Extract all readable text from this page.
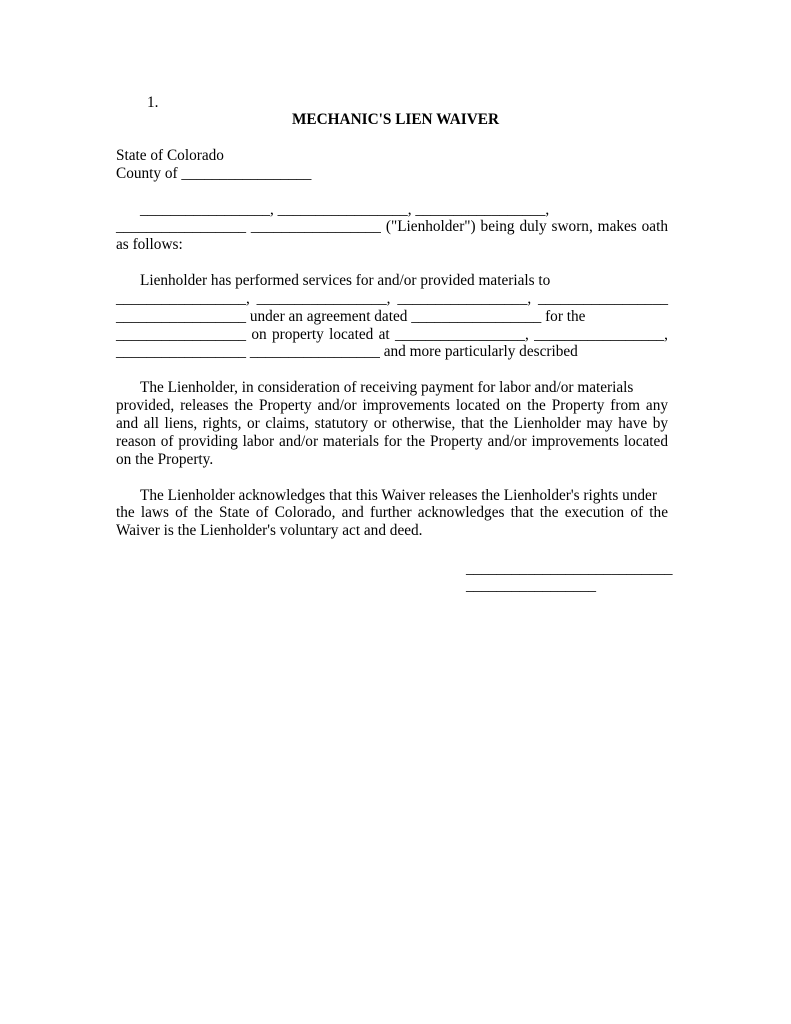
1.
MECHANIC'S LIEN WAIVER
State of Colorado
County of _________________
_________________, _________________, _________________,
_________________ _________________ ("Lienholder") being duly sworn, makes oath
as follows:
Lienholder has performed services for and/or provided materials to
_________________, _________________, _________________, _________________
_________________ under an agreement dated _________________ for the
_________________ on property located at _________________, _________________,
_________________ _________________ and more particularly described
The Lienholder, in consideration of receiving payment for labor and/or materials
provided, releases the Property and/or improvements located on the Property from any
and all liens, rights, or claims, statutory or otherwise, that the Lienholder may have by
reason of providing labor and/or materials for the Property and/or improvements located
on the Property.
The Lienholder acknowledges that this Waiver releases the Lienholder's rights under
the laws of the State of Colorado, and further acknowledges that the execution of the
Waiver is the Lienholder's voluntary act and deed.
___________________________
_________________
